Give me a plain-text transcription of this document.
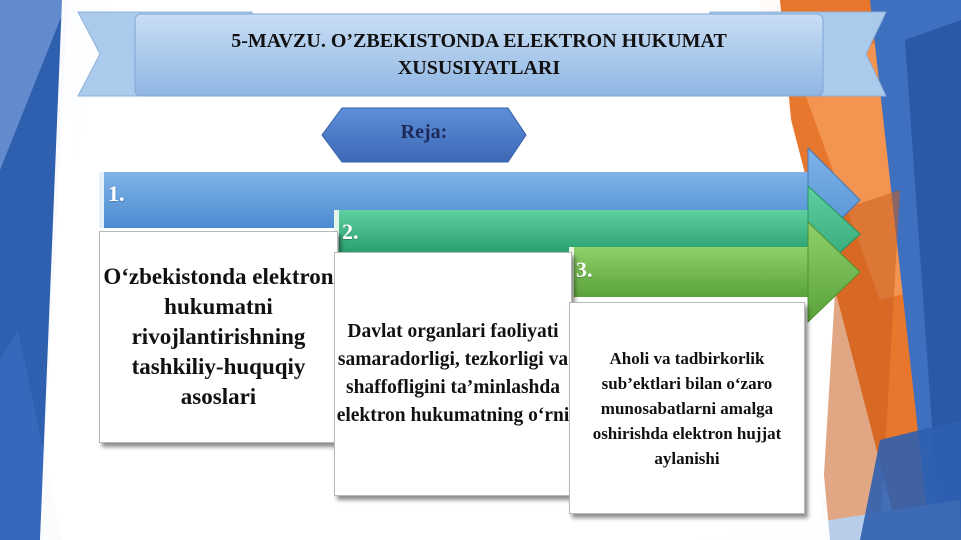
5-MAVZU. O’ZBEKISTONDA ELEKTRON HUKUMAT XUSUSIYATLARI
Reja:
1.
2.
3.
O‘zbekistonda elektron hukumatni rivojlantirishning tashkiliy-huquqiy asoslari
Davlat organlari faoliyati samaradorligi, tezkorligi va shaffofligini ta’minlashda elektron hukumatning o‘rni
Aholi va tadbirkorlik sub’ektlari bilan o‘zaro munosabatlarni amalga oshirishda elektron hujjat aylanishi
